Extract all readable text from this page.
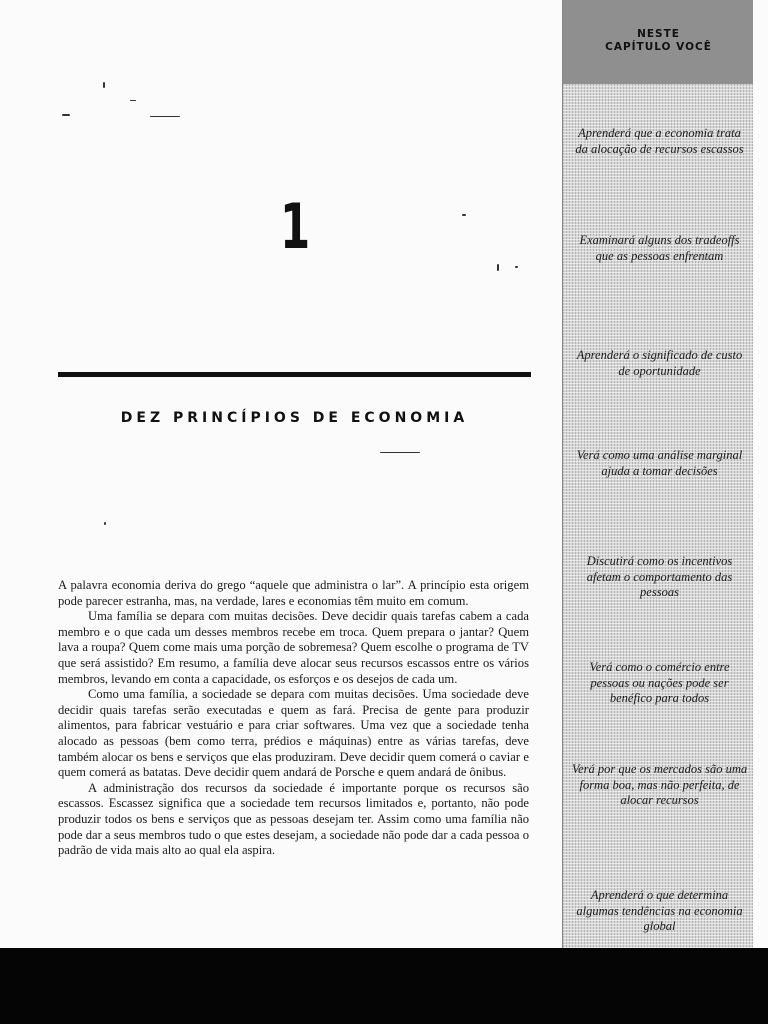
1
DEZ PRINCÍPIOS DE ECONOMIA

A palavra economia deriva do grego “aquele que administra o lar”. A princípio esta origem pode parecer estranha, mas, na verdade, lares e economias têm muito em comum.

Uma família se depara com muitas decisões. Deve decidir quais tarefas cabem a cada membro e o que cada um desses membros recebe em troca. Quem prepara o jantar? Quem lava a roupa? Quem come mais uma porção de sobremesa? Quem escolhe o programa de TV que será assistido? Em resumo, a família deve alocar seus recursos escassos entre os vários membros, levando em conta a capacidade, os esforços e os desejos de cada um.

Como uma família, a sociedade se depara com muitas decisões. Uma sociedade deve decidir quais tarefas serão executadas e quem as fará. Precisa de gente para produzir alimentos, para fabricar vestuário e para criar softwares. Uma vez que a sociedade tenha alocado as pessoas (bem como terra, prédios e máquinas) entre as várias tarefas, deve também alocar os bens e serviços que elas produziram. Deve decidir quem comerá o caviar e quem comerá as batatas. Deve decidir quem andará de Porsche e quem andará de ônibus.

A administração dos recursos da sociedade é importante porque os recursos são escassos. Escassez significa que a sociedade tem recursos limitados e, portanto, não pode produzir todos os bens e serviços que as pessoas desejam ter. Assim como uma família não pode dar a seus membros tudo o que estes desejam, a sociedade não pode dar a cada pessoa o padrão de vida mais alto ao qual ela aspira.

NESTE
CAPÍTULO VOCÊ
Aprenderá que a economia trata da alocação de recursos escassos
Examinará alguns dos tradeoffs que as pessoas enfrentam
Aprenderá o significado de custo de oportunidade
Verá como uma análise marginal ajuda a tomar decisões
Discutirá como os incentivos afetam o comportamento das pessoas
Verá como o comércio entre pessoas ou nações pode ser benéfico para todos
Verá por que os mercados são uma forma boa, mas não perfeita, de alocar recursos
Aprenderá o que determina algumas tendências na economia global
